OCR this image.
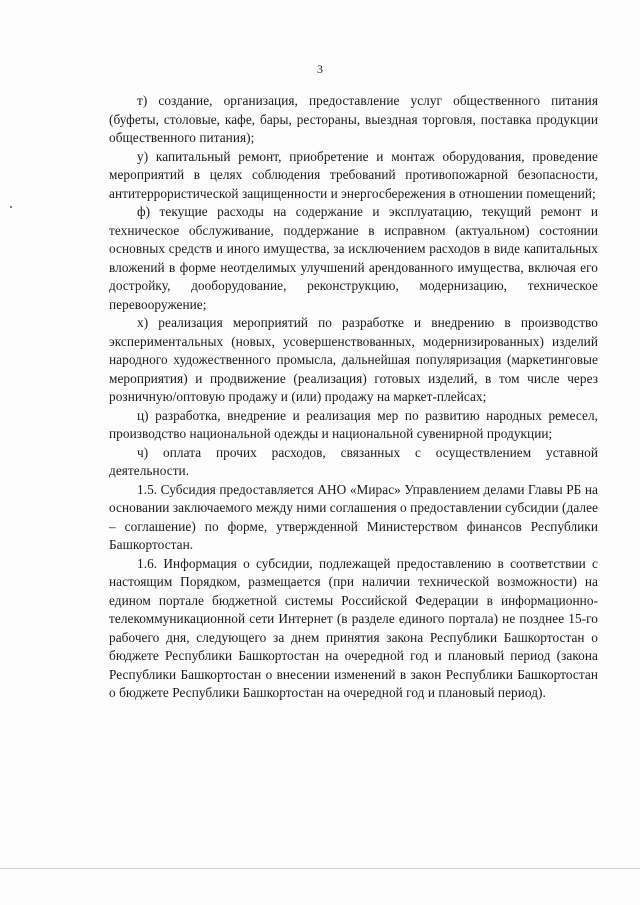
3

т) создание, организация, предоставление услуг общественного питания (буфеты, столовые, кафе, бары, рестораны, выездная торговля, поставка продукции общественного питания);

у) капитальный ремонт, приобретение и монтаж оборудования, проведение мероприятий в целях соблюдения требований противопожарной безопасности, антитеррористической защищенности и энергосбережения в отношении помещений;

ф) текущие расходы на содержание и эксплуатацию, текущий ремонт и техническое обслуживание, поддержание в исправном (актуальном) состоянии основных средств и иного имущества, за исключением расходов в виде капитальных вложений в форме неотделимых улучшений арендованного имущества, включая его достройку, дооборудование, реконструкцию, модернизацию, техническое перевооружение;

х) реализация мероприятий по разработке и внедрению в производство экспериментальных (новых, усовершенствованных, модернизированных) изделий народного художественного промысла, дальнейшая популяризация (маркетинговые мероприятия) и продвижение (реализация) готовых изделий, в том числе через розничную/оптовую продажу и (или) продажу на маркет-плейсах;

ц) разработка, внедрение и реализация мер по развитию народных ремесел, производство национальной одежды и национальной сувенирной продукции;

ч) оплата прочих расходов, связанных с осуществлением уставной деятельности.

1.5. Субсидия предоставляется АНО «Мирас» Управлением делами Главы РБ на основании заключаемого между ними соглашения о предоставлении субсидии (далее – соглашение) по форме, утвержденной Министерством финансов Республики Башкортостан.

1.6. Информация о субсидии, подлежащей предоставлению в соответствии с настоящим Порядком, размещается (при наличии технической возможности) на едином портале бюджетной системы Российской Федерации в информационно-телекоммуникационной сети Интернет (в разделе единого портала) не позднее 15-го рабочего дня, следующего за днем принятия закона Республики Башкортостан о бюджете Республики Башкортостан на очередной год и плановый период (закона Республики Башкортостан о внесении изменений в закон Республики Башкортостан о бюджете Республики Башкортостан на очередной год и плановый период).
